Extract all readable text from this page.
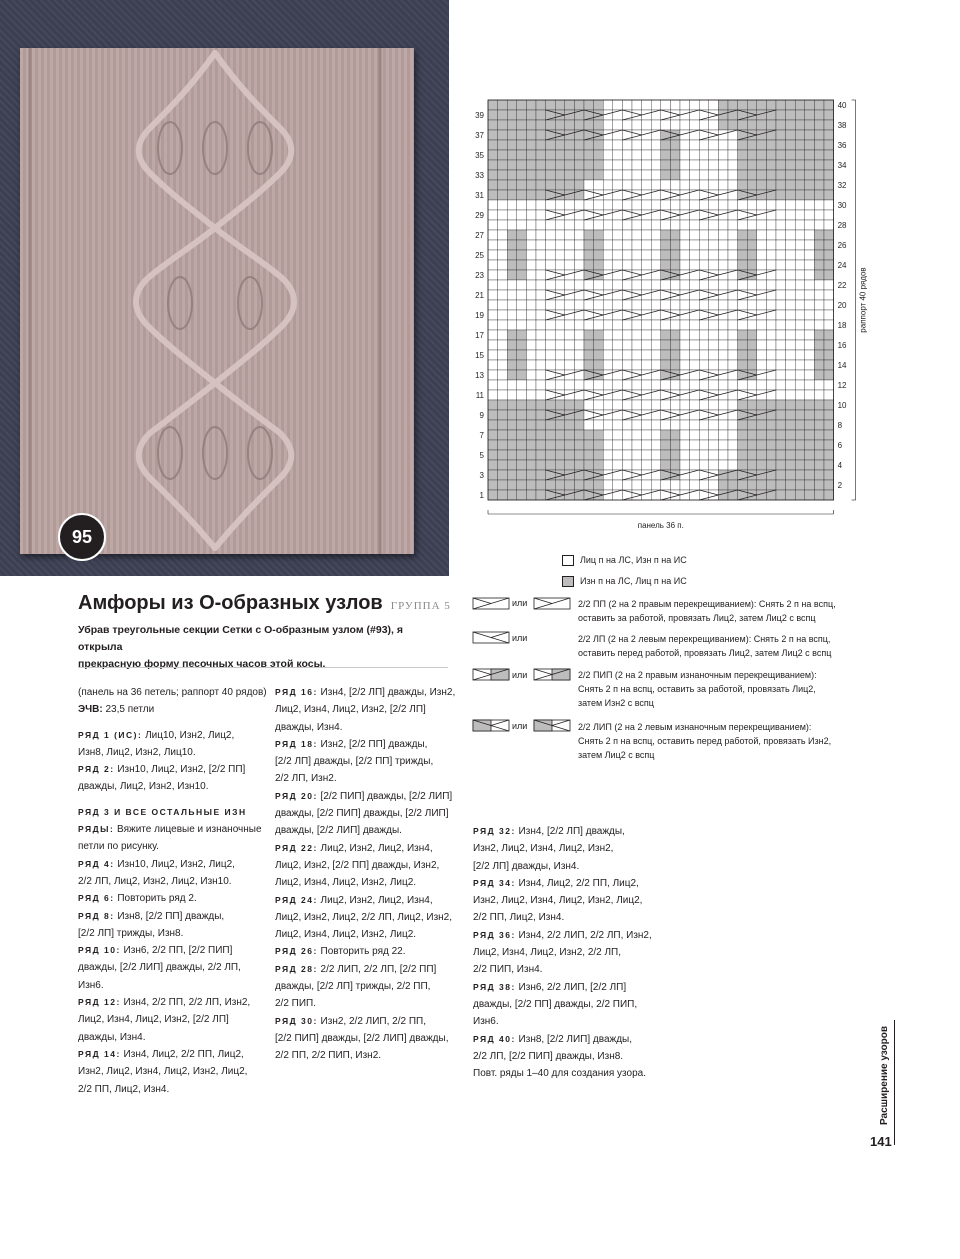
95
39
37
35
33
31
29
27
25
23
21
19
17
15
13
11
9
7
5
3
1
40
38
36
34
32
30
28
26
24
22
20
18
16
14
12
10
8
6
4
2
раппорт 40 рядов
панель 36 п.
Лиц п на ЛС, Изн п на ИС
Изн п на ЛС, Лиц п на ИС
или
или
или
или
2/2 ПП (2 на 2 правым перекрещиванием): Снять 2 п на вспц,
оставить за работой, провязать Лиц2, затем Лиц2 с вспц
2/2 ЛП (2 на 2 левым перекрещиванием): Снять 2 п на вспц,
оставить перед работой, провязать Лиц2, затем Лиц2 с вспц
2/2 ПИП (2 на 2 правым изнаночным перекрещиванием):
Снять 2 п на вспц, оставить за работой, провязать Лиц2,
затем Изн2 с вспц
2/2 ЛИП (2 на 2 левым изнаночным перекрещиванием):
Снять 2 п на вспц, оставить перед работой, провязать Изн2,
затем Лиц2 с вспц
Амфоры из О-образных узлов ГРУППА 5
Убрав треугольные секции Сетки с О-образным узлом (#93), я открыла
прекрасную форму песочных часов этой косы.

(панель на 36 петель; раппорт 40 рядов)

ЭЧВ: 23,5 петли

РЯД 1 (ИС): Лиц10, Изн2, Лиц2,

Изн8, Лиц2, Изн2, Лиц10.

РЯД 2: Изн10, Лиц2, Изн2, [2/2 ПП]

дважды, Лиц2, Изн2, Изн10.

РЯД 3 И ВСЕ ОСТАЛЬНЫЕ ИЗН

РЯДЫ: Вяжите лицевые и изнаночные

петли по рисунку.

РЯД 4: Изн10, Лиц2, Изн2, Лиц2,

2/2 ЛП, Лиц2, Изн2, Лиц2, Изн10.

РЯД 6: Повторить ряд 2.

РЯД 8: Изн8, [2/2 ПП] дважды,

[2/2 ЛП] трижды, Изн8.

РЯД 10: Изн6, 2/2 ПП, [2/2 ПИП]

дважды, [2/2 ЛИП] дважды, 2/2 ЛП,

Изн6.

РЯД 12: Изн4, 2/2 ПП, 2/2 ЛП, Изн2,

Лиц2, Изн4, Лиц2, Изн2, [2/2 ЛП]

дважды, Изн4.

РЯД 14: Изн4, Лиц2, 2/2 ПП, Лиц2,

Изн2, Лиц2, Изн4, Лиц2, Изн2, Лиц2,

2/2 ПП, Лиц2, Изн4.

РЯД 16: Изн4, [2/2 ЛП] дважды, Изн2,

Лиц2, Изн4, Лиц2, Изн2, [2/2 ЛП]

дважды, Изн4.

РЯД 18: Изн2, [2/2 ПП] дважды,

[2/2 ЛП] дважды, [2/2 ПП] трижды,

2/2 ЛП, Изн2.

РЯД 20: [2/2 ПИП] дважды, [2/2 ЛИП]

дважды, [2/2 ПИП] дважды, [2/2 ЛИП]

дважды, [2/2 ЛИП] дважды.

РЯД 22: Лиц2, Изн2, Лиц2, Изн4,

Лиц2, Изн2, [2/2 ПП] дважды, Изн2,

Лиц2, Изн4, Лиц2, Изн2, Лиц2.

РЯД 24: Лиц2, Изн2, Лиц2, Изн4,

Лиц2, Изн2, Лиц2, 2/2 ЛП, Лиц2, Изн2,

Лиц2, Изн4, Лиц2, Изн2, Лиц2.

РЯД 26: Повторить ряд 22.

РЯД 28: 2/2 ЛИП, 2/2 ЛП, [2/2 ПП]

дважды, [2/2 ЛП] трижды, 2/2 ПП,

2/2 ПИП.

РЯД 30: Изн2, 2/2 ЛИП, 2/2 ПП,

[2/2 ПИП] дважды, [2/2 ЛИП] дважды,

2/2 ПП, 2/2 ПИП, Изн2.

РЯД 32: Изн4, [2/2 ЛП] дважды,

Изн2, Лиц2, Изн4, Лиц2, Изн2,

[2/2 ЛП] дважды, Изн4.

РЯД 34: Изн4, Лиц2, 2/2 ПП, Лиц2,

Изн2, Лиц2, Изн4, Лиц2, Изн2, Лиц2,

2/2 ПП, Лиц2, Изн4.

РЯД 36: Изн4, 2/2 ЛИП, 2/2 ЛП, Изн2,

Лиц2, Изн4, Лиц2, Изн2, 2/2 ЛП,

2/2 ПИП, Изн4.

РЯД 38: Изн6, 2/2 ЛИП, [2/2 ЛП]

дважды, [2/2 ПП] дважды, 2/2 ПИП,

Изн6.

РЯД 40: Изн8, [2/2 ЛИП] дважды,

2/2 ЛП, [2/2 ПИП] дважды, Изн8.

Повт. ряды 1–40 для создания узора.	Расширение узоров
141
